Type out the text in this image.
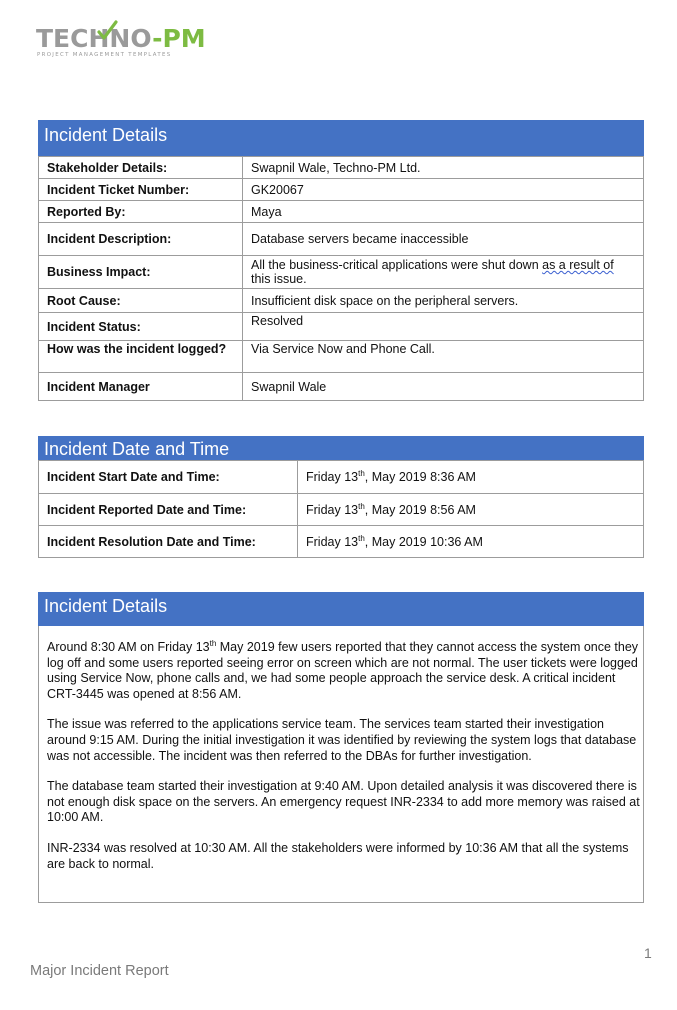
TECHNO-PM
PROJECT MANAGEMENT TEMPLATES
Incident Details
Stakeholder Details:	Swapnil Wale, Techno-PM Ltd.
Incident Ticket Number:	GK20067
Reported By:	Maya
Incident Description:	Database servers became inaccessible
Business Impact:	All the business-critical applications were shut down as a result of this issue.
Root Cause:	Insufficient disk space on the peripheral servers.
Incident Status:	Resolved
How was the incident logged?	Via Service Now and Phone Call.
Incident Manager	Swapnil Wale
Incident Date and Time
Incident Start Date and Time:	Friday 13th, May 2019 8:36 AM
Incident Reported Date and Time:	Friday 13th, May 2019 8:56 AM
Incident Resolution Date and Time:	Friday 13th, May 2019 10:36 AM
Incident Details

Around 8:30 AM on Friday 13th May 2019 few users reported that they cannot access the system once they log off and some users reported seeing error on screen which are not normal. The user tickets were logged using Service Now, phone calls and, we had some people approach the service desk. A critical incident CRT-3445 was opened at 8:56 AM.

The issue was referred to the applications service team. The services team started their investigation around 9:15 AM. During the initial investigation it was identified by reviewing the system logs that database was not accessible. The incident was then referred to the DBAs for further investigation.

The database team started their investigation at 9:40 AM. Upon detailed analysis it was discovered there is not enough disk space on the servers. An emergency request INR-2334 to add more memory was raised at 10:00 AM.

INR-2334 was resolved at 10:30 AM. All the stakeholders were informed by 10:36 AM that all the systems are back to normal.

1
Major Incident Report
